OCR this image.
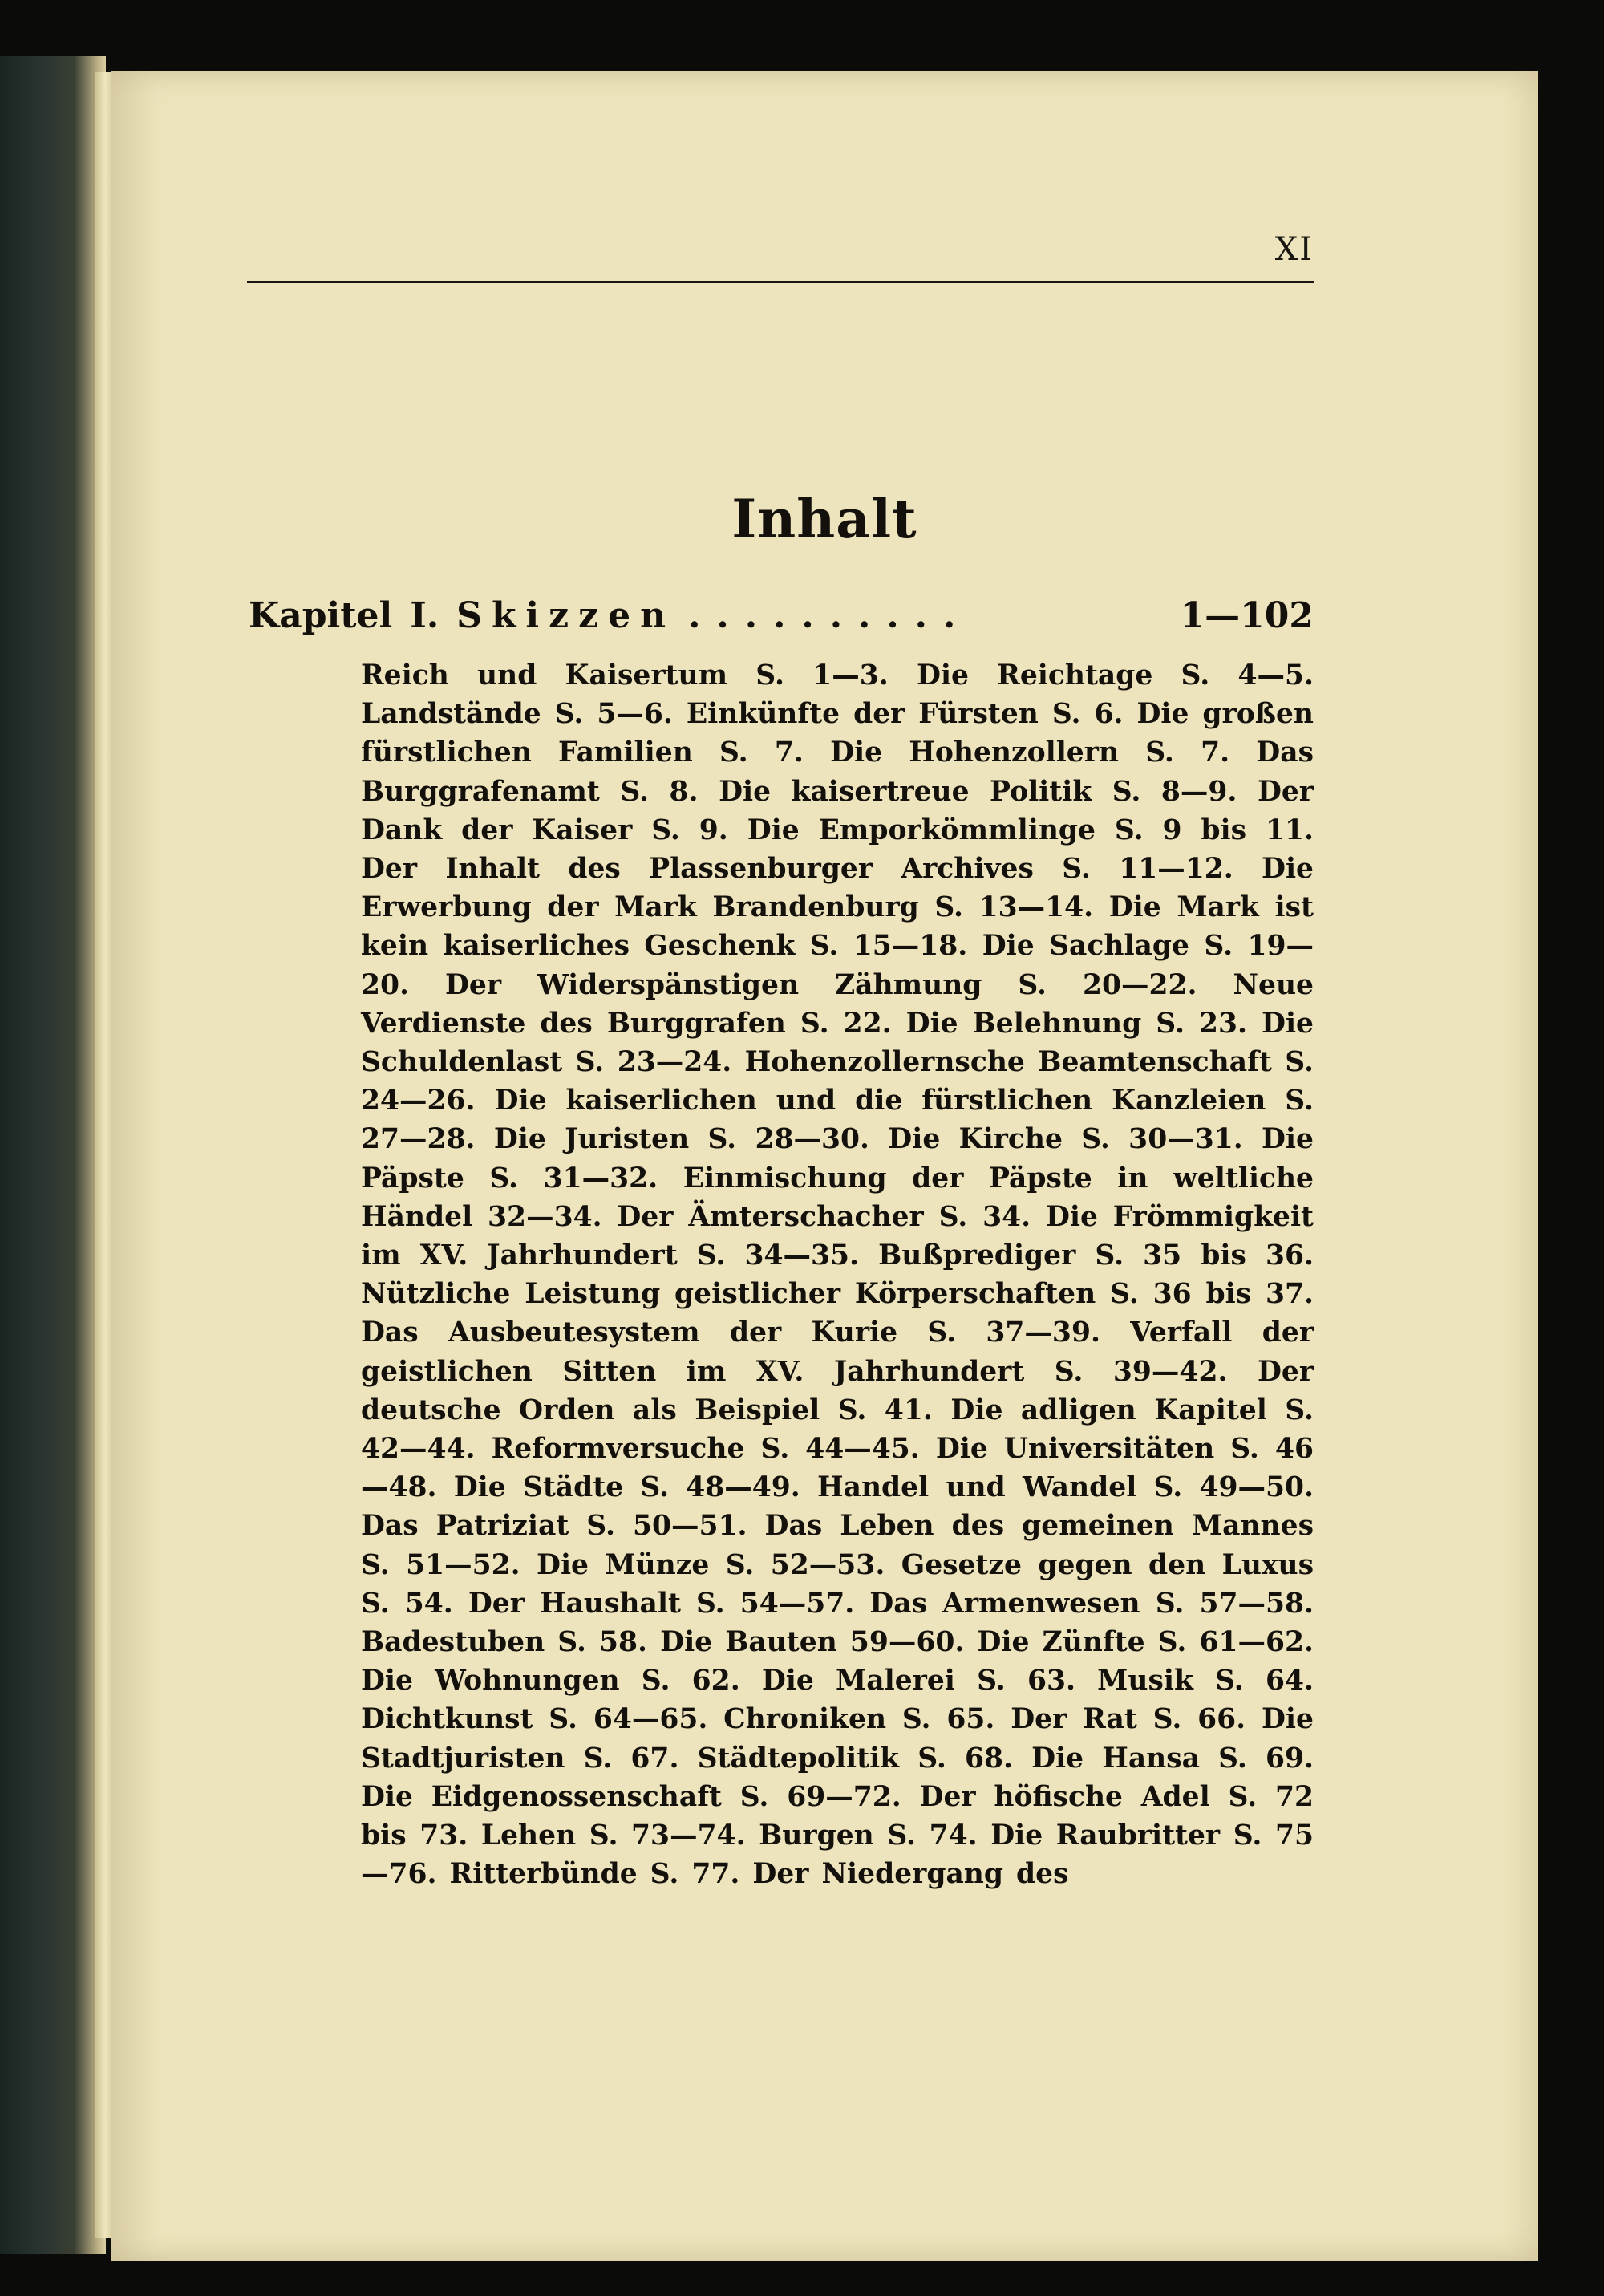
XI
Inhalt
Kapitel I. Skizzen ..........	1—102

Reich und Kaisertum S. 1—3. Die Reichtage S. 4—5. Landstände S. 5—6. Einkünfte der Fürsten S. 6. Die großen fürstlichen Familien S. 7. Die Hohenzollern S. 7. Das Burggrafenamt S. 8. Die kaisertreue Politik S. 8—9. Der Dank der Kaiser S. 9. Die Emporkömmlinge S. 9 bis 11. Der Inhalt des Plassenburger Archives S. 11—12. Die Erwerbung der Mark Brandenburg S. 13—14. Die Mark ist kein kaiserliches Geschenk S. 15—18. Die Sachlage S. 19—20. Der Widerspänstigen Zähmung S. 20—22. Neue Verdienste des Burggrafen S. 22. Die Belehnung S. 23. Die Schuldenlast S. 23—24. Hohenzollernsche Beamtenschaft S. 24—26. Die kaiserlichen und die fürstlichen Kanzleien S. 27—28. Die Juristen S. 28—30. Die Kirche S. 30—31. Die Päpste S. 31—32. Einmischung der Päpste in weltliche Händel 32—34. Der Ämterschacher S. 34. Die Frömmigkeit im XV. Jahrhundert S. 34—35. Bußprediger S. 35 bis 36. Nützliche Leistung geistlicher Körperschaften S. 36 bis 37. Das Ausbeutesystem der Kurie S. 37—39. Verfall der geistlichen Sitten im XV. Jahrhundert S. 39—42. Der deutsche Orden als Beispiel S. 41. Die adligen Kapitel S. 42—44. Reformversuche S. 44—45. Die Universitäten S. 46—48. Die Städte S. 48—49. Handel und Wandel S. 49—50. Das Patriziat S. 50—51. Das Leben des gemeinen Mannes S. 51—52. Die Münze S. 52—53. Gesetze gegen den Luxus S. 54. Der Haushalt S. 54—57. Das Armenwesen S. 57—58. Badestuben S. 58. Die Bauten 59—60. Die Zünfte S. 61—62. Die Wohnungen S. 62. Die Malerei S. 63. Musik S. 64. Dichtkunst S. 64—65. Chroniken S. 65. Der Rat S. 66. Die Stadtjuristen S. 67. Städtepolitik S. 68. Die Hansa S. 69. Die Eidgenossenschaft S. 69—72. Der höfische Adel S. 72 bis 73. Lehen S. 73—74. Burgen S. 74. Die Raubritter S. 75—76. Ritterbünde S. 77. Der Niedergang des
